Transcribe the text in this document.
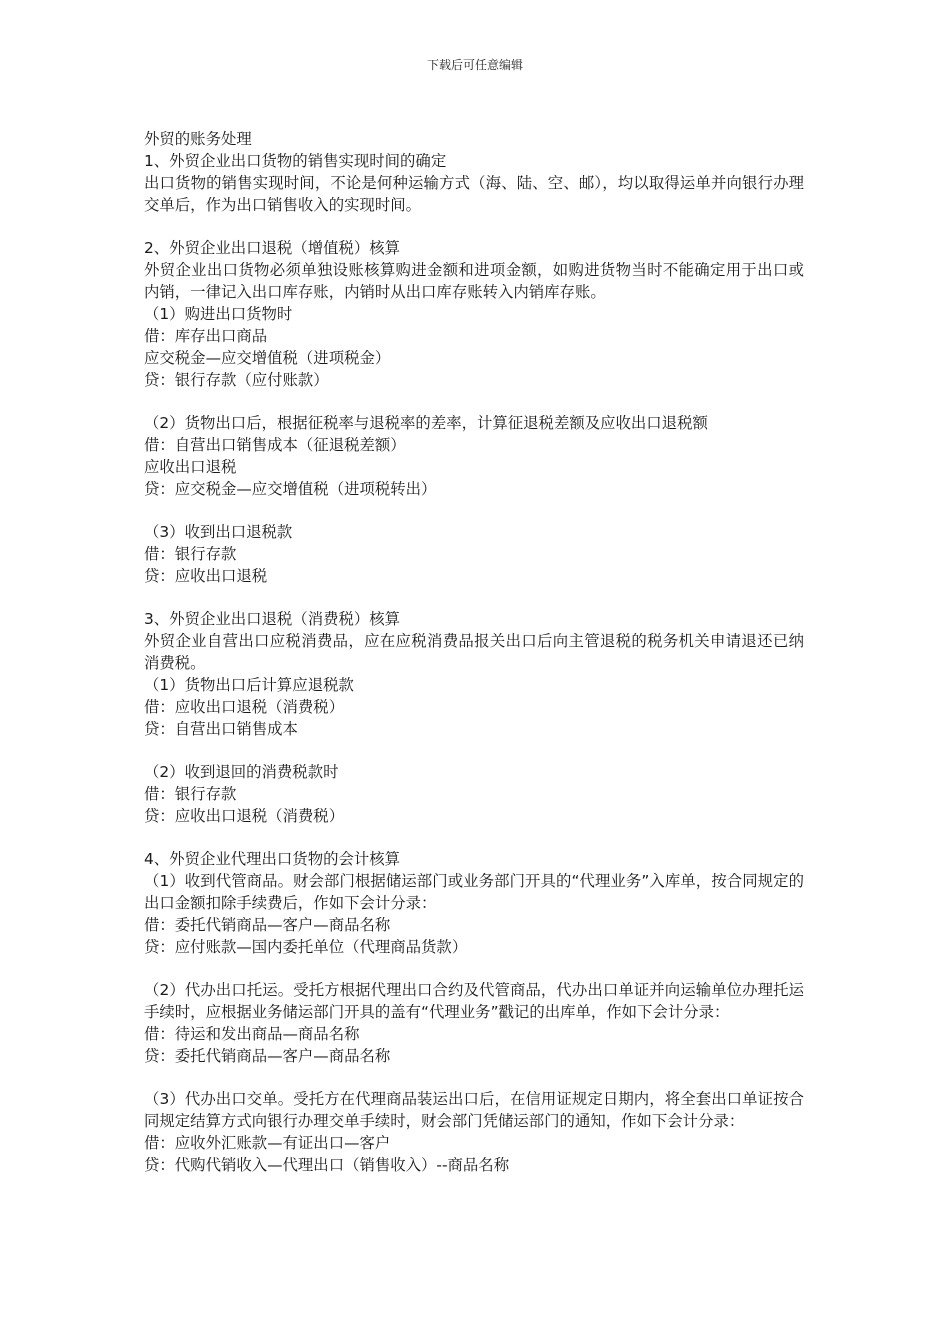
下载后可任意编辑
外贸的账务处理
1、外贸企业出口货物的销售实现时间的确定
出口货物的销售实现时间，不论是何种运输方式（海、陆、空、邮），均以取得运单并向银行办理交单后，作为出口销售收入的实现时间。
2、外贸企业出口退税（增值税）核算
外贸企业出口货物必须单独设账核算购进金额和进项金额，如购进货物当时不能确定用于出口或内销，一律记入出口库存账，内销时从出口库存账转入内销库存账。
（1）购进出口货物时
借：库存出口商品
应交税金—应交增值税（进项税金）
贷：银行存款（应付账款）
（2）货物出口后，根据征税率与退税率的差率，计算征退税差额及应收出口退税额
借：自营出口销售成本（征退税差额）
应收出口退税
贷：应交税金—应交增值税（进项税转出）
（3）收到出口退税款
借：银行存款
贷：应收出口退税
3、外贸企业出口退税（消费税）核算
外贸企业自营出口应税消费品，应在应税消费品报关出口后向主管退税的税务机关申请退还已纳消费税。
（1）货物出口后计算应退税款
借：应收出口退税（消费税）
贷：自营出口销售成本
（2）收到退回的消费税款时
借：银行存款
贷：应收出口退税（消费税）
4、外贸企业代理出口货物的会计核算
（1）收到代管商品。财会部门根据储运部门或业务部门开具的“代理业务”入库单，按合同规定的出口金额扣除手续费后，作如下会计分录：
借：委托代销商品—客户—商品名称
贷：应付账款—国内委托单位（代理商品货款）
（2）代办出口托运。受托方根据代理出口合约及代管商品，代办出口单证并向运输单位办理托运手续时，应根据业务储运部门开具的盖有“代理业务”戳记的出库单，作如下会计分录：
借：待运和发出商品—商品名称
贷：委托代销商品—客户—商品名称
（3）代办出口交单。受托方在代理商品装运出口后，在信用证规定日期内，将全套出口单证按合同规定结算方式向银行办理交单手续时，财会部门凭储运部门的通知，作如下会计分录：
借：应收外汇账款—有证出口—客户
贷：代购代销收入—代理出口（销售收入）--商品名称
